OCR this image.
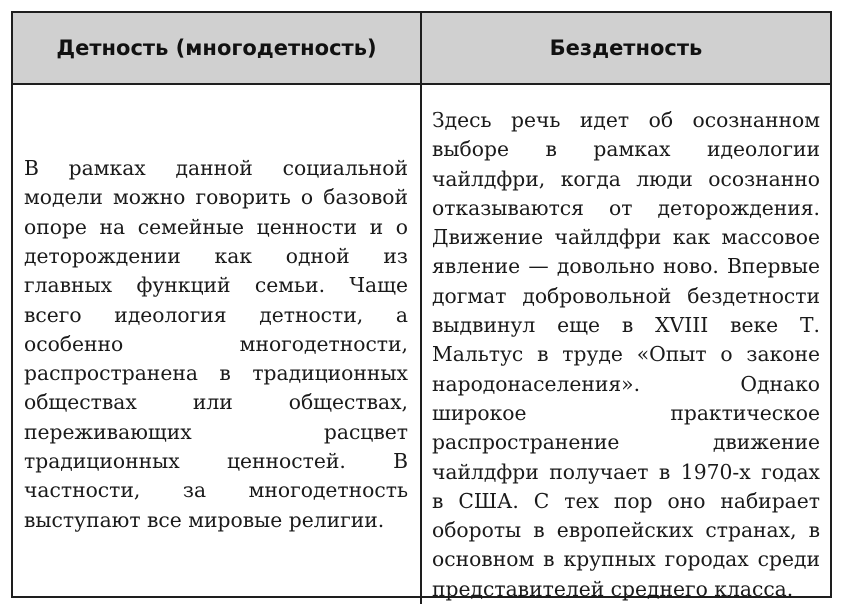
Детность (многодетность)	Бездетность

В рамках данной социальной модели можно говорить о базовой опоре на семейные ценности и о деторождении как одной из главных функций семьи. Чаще всего идеология детности, а особенно многодетности, распространена в традиционных обществах или обществах, переживающих расцвет традиционных ценностей. В частности, за многодетность выступают все мировые религии.

Здесь речь идет об осознанном выборе в рамках идеологии чайлдфри, когда люди осознанно отказываются от деторождения. Движение чайлдфри как массовое явление — довольно ново. Впервые догмат добровольной бездетности выдвинул еще в XVIII веке Т. Мальтус в труде «Опыт о законе народонаселения». Однако широкое практическое распространение движение чайлдфри получает в 1970-х годах в США. С тех пор оно набирает обороты в европейских странах, в основном в крупных городах среди представителей среднего класса.
